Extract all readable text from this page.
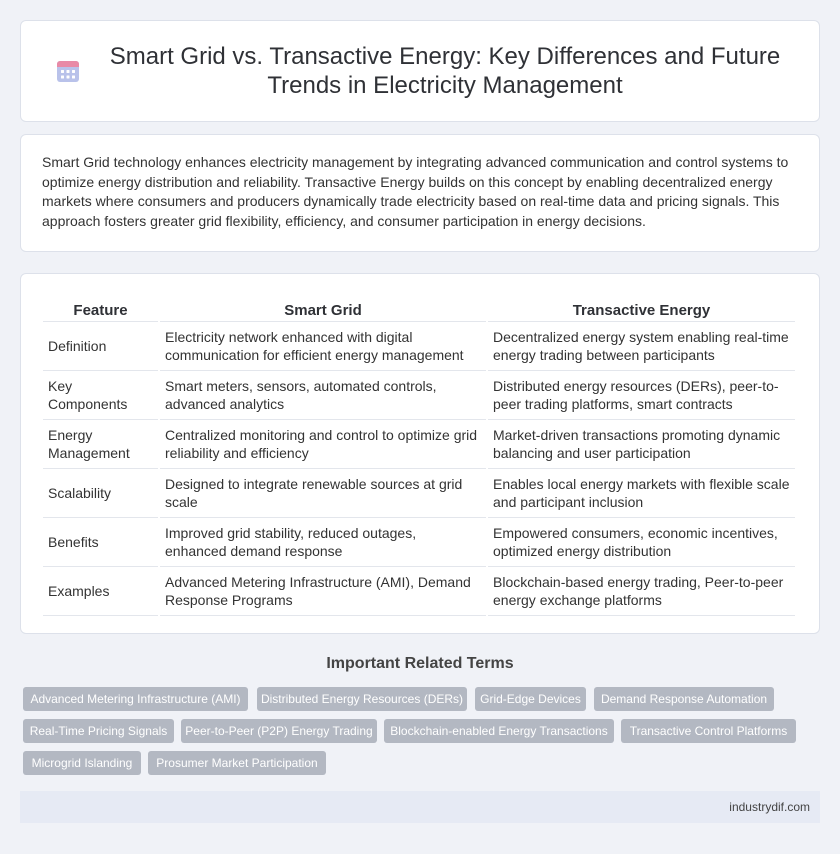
Smart Grid vs. Transactive Energy: Key Differences and Future Trends in Electricity Management

Smart Grid technology enhances electricity management by integrating advanced communication and control systems to optimize energy distribution and reliability. Transactive Energy builds on this concept by enabling decentralized energy markets where consumers and producers dynamically trade electricity based on real-time data and pricing signals. This approach fosters greater grid flexibility, efficiency, and consumer participation in energy decisions.

Feature	Smart Grid	Transactive Energy
Definition	Electricity network enhanced with digital communication for efficient energy management	Decentralized energy system enabling real-time energy trading between participants
Key Components	Smart meters, sensors, automated controls, advanced analytics	Distributed energy resources (DERs), peer-to-peer trading platforms, smart contracts
Energy Management	Centralized monitoring and control to optimize grid reliability and efficiency	Market-driven transactions promoting dynamic balancing and user participation
Scalability	Designed to integrate renewable sources at grid scale	Enables local energy markets with flexible scale and participant inclusion
Benefits	Improved grid stability, reduced outages, enhanced demand response	Empowered consumers, economic incentives, optimized energy distribution
Examples	Advanced Metering Infrastructure (AMI), Demand Response Programs	Blockchain-based energy trading, Peer-to-peer energy exchange platforms
Important Related Terms
Advanced Metering Infrastructure (AMI)	Distributed Energy Resources (DERs)	Grid-Edge Devices	Demand Response Automation
Real-Time Pricing Signals	Peer-to-Peer (P2P) Energy Trading	Blockchain-enabled Energy Transactions	Transactive Control Platforms
Microgrid Islanding	Prosumer Market Participation
industrydif.com
